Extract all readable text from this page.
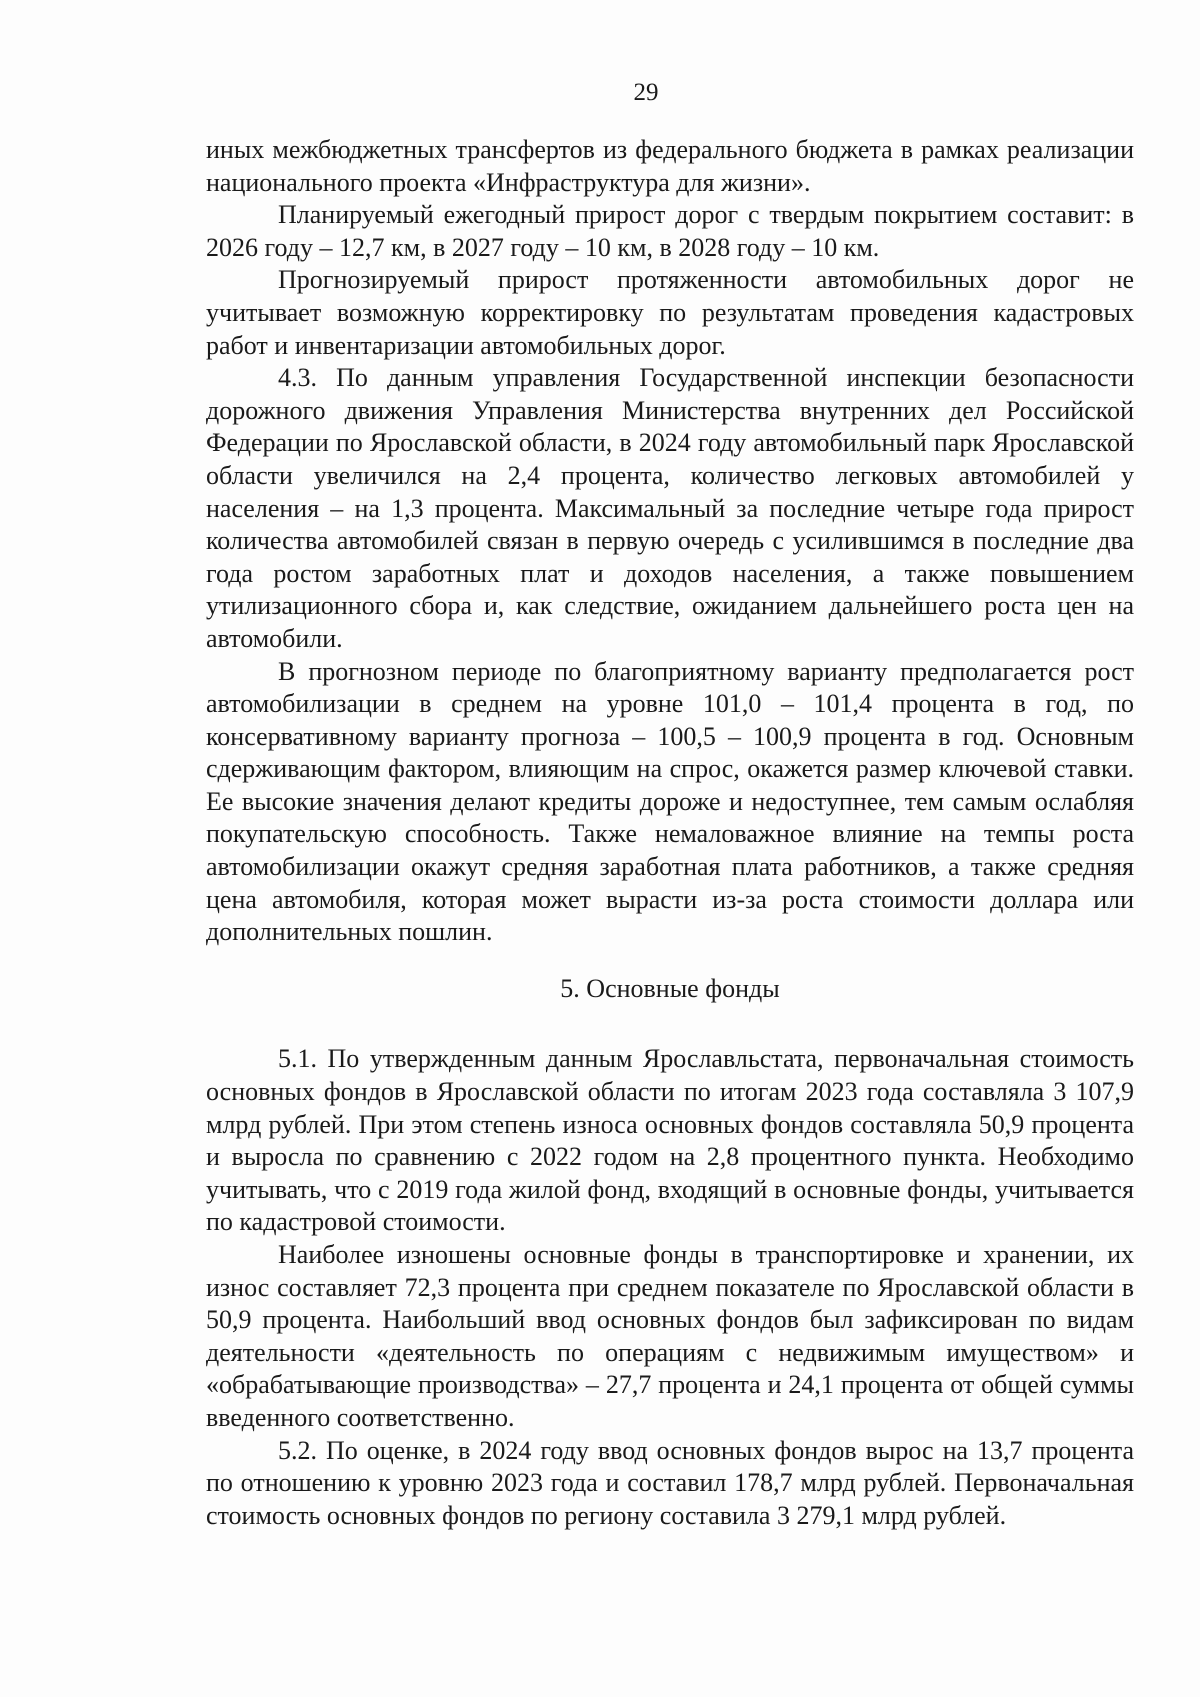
29

иных межбюджетных трансфертов из федерального бюджета в рамках реализации национального проекта «Инфраструктура для жизни».

Планируемый ежегодный прирост дорог с твердым покрытием составит: в 2026 году – 12,7 км, в 2027 году – 10 км, в 2028 году – 10 км.

Прогнозируемый прирост протяженности автомобильных дорог не учитывает возможную корректировку по результатам проведения кадастровых работ и инвентаризации автомобильных дорог.

4.3. По данным управления Государственной инспекции безопасности дорожного движения Управления Министерства внутренних дел Российской Федерации по Ярославской области, в 2024 году автомобильный парк Ярославской области увеличился на 2,4 процента, количество легковых автомобилей у населения – на 1,3 процента. Максимальный за последние четыре года прирост количества автомобилей связан в первую очередь с усилившимся в последние два года ростом заработных плат и доходов населения, а также повышением утилизационного сбора и, как следствие, ожиданием дальнейшего роста цен на автомобили.

В прогнозном периоде по благоприятному варианту предполагается рост автомобилизации в среднем на уровне 101,0 – 101,4 процента в год, по консервативному варианту прогноза – 100,5 – 100,9 процента в год. Основным сдерживающим фактором, влияющим на спрос, окажется размер ключевой ставки. Ее высокие значения делают кредиты дороже и недоступнее, тем самым ослабляя покупательскую способность. Также немаловажное влияние на темпы роста автомобилизации окажут средняя заработная плата работников, а также средняя цена автомобиля, которая может вырасти из-за роста стоимости доллара или дополнительных пошлин.

5. Основные фонды

5.1. По утвержденным данным Ярославльстата, первоначальная стоимость основных фондов в Ярославской области по итогам 2023 года составляла 3 107,9 млрд рублей. При этом степень износа основных фондов составляла 50,9 процента и выросла по сравнению с 2022 годом на 2,8 процентного пункта. Необходимо учитывать, что с 2019 года жилой фонд, входящий в основные фонды, учитывается по кадастровой стоимости.

Наиболее изношены основные фонды в транспортировке и хранении, их износ составляет 72,3 процента при среднем показателе по Ярославской области в 50,9 процента. Наибольший ввод основных фондов был зафиксирован по видам деятельности «деятельность по операциям с недвижимым имуществом» и «обрабатывающие производства» – 27,7 процента и 24,1 процента от общей суммы введенного соответственно.

5.2. По оценке, в 2024 году ввод основных фондов вырос на 13,7 процента по отношению к уровню 2023 года и составил 178,7 млрд рублей. Первоначальная стоимость основных фондов по региону составила 3 279,1 млрд рублей.
